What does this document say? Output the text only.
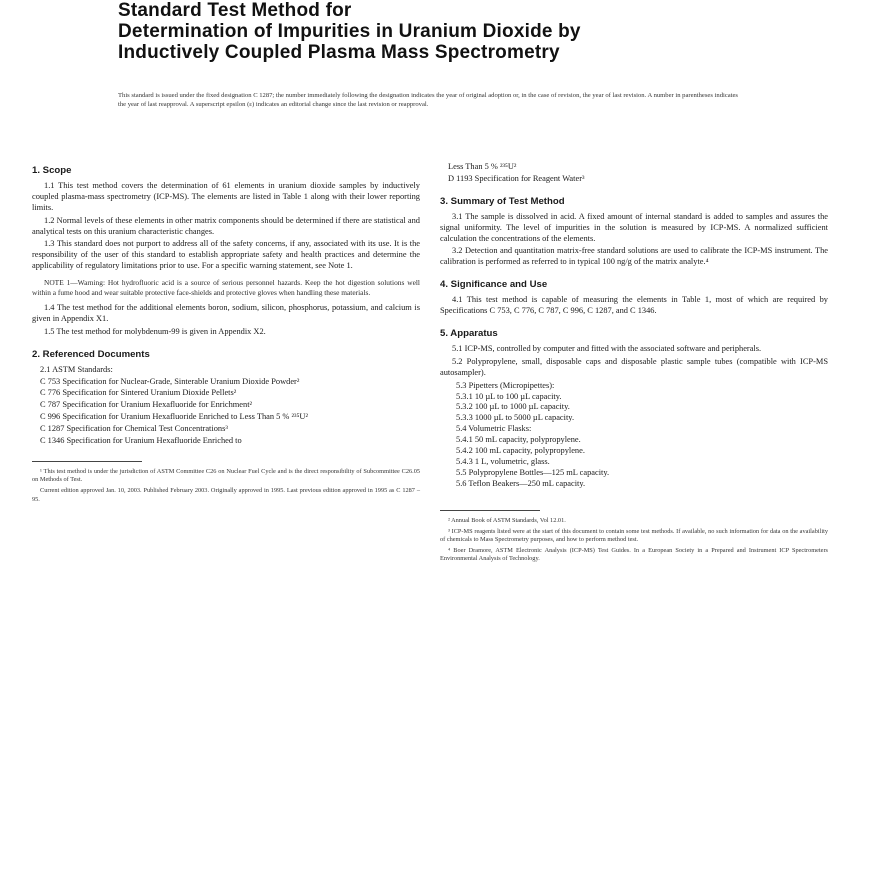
Standard Test Method for
Determination of Impurities in Uranium Dioxide by
Inductively Coupled Plasma Mass Spectrometry
This standard is issued under the fixed designation C 1287; the number immediately following the designation indicates the year of original adoption or, in the case of revision, the year of last revision. A number in parentheses indicates the year of last reapproval. A superscript epsilon (ε) indicates an editorial change since the last revision or reapproval.
1. Scope

1.1 This test method covers the determination of 61 elements in uranium dioxide samples by inductively coupled plasma-mass spectrometry (ICP-MS). The elements are listed in Table 1 along with their lower reporting limits.

1.2 Normal levels of these elements in other matrix components should be determined if there are statistical and analytical tests on this uranium characteristic changes.

1.3 This standard does not purport to address all of the safety concerns, if any, associated with its use. It is the responsibility of the user of this standard to establish appropriate safety and health practices and determine the applicability of regulatory limitations prior to use. For a specific warning statement, see Note 1.

NOTE 1—Warning: Hot hydrofluoric acid is a source of serious personnel hazards. Keep the hot digestion solutions well within a fume hood and wear suitable protective face-shields and protective gloves when handling these materials.

1.4 The test method for the additional elements boron, sodium, silicon, phosphorus, potassium, and calcium is given in Appendix X1.

1.5 The test method for molybdenum-99 is given in Appendix X2.

2. Referenced Documents

2.1 ASTM Standards:

C 753 Specification for Nuclear-Grade, Sinterable Uranium Dioxide Powder²

C 776 Specification for Sintered Uranium Dioxide Pellets²

C 787 Specification for Uranium Hexafluoride for Enrichment²

C 996 Specification for Uranium Hexafluoride Enriched to Less Than 5 % ²³⁵U²

C 1287 Specification for Chemical Test Concentrations³

C 1346 Specification for Uranium Hexafluoride Enriched to

¹ This test method is under the jurisdiction of ASTM Committee C26 on Nuclear Fuel Cycle and is the direct responsibility of Subcommittee C26.05 on Methods of Test.

Current edition approved Jan. 10, 2003. Published February 2003. Originally approved in 1995. Last previous edition approved in 1995 as C 1287 – 95.

Less Than 5 % ²³⁵U²

D 1193 Specification for Reagent Water³

3. Summary of Test Method

3.1 The sample is dissolved in acid. A fixed amount of internal standard is added to samples and assures the signal uniformity. The level of impurities in the solution is measured by ICP-MS. A normalized sufficient calculation the concentrations of the elements.

3.2 Detection and quantitation matrix-free standard solutions are used to calibrate the ICP-MS instrument. The calibration is performed as referred to in typical 100 ng/g of the matrix analyte.⁴

4. Significance and Use

4.1 This test method is capable of measuring the elements in Table 1, most of which are required by Specifications C 753, C 776, C 787, C 996, C 1287, and C 1346.

5. Apparatus

5.1 ICP-MS, controlled by computer and fitted with the associated software and peripherals.

5.2 Polypropylene, small, disposable caps and disposable plastic sample tubes (compatible with ICP-MS autosampler).

5.3 Pipetters (Micropipettes):

5.3.1 10 µL to 100 µL capacity.

5.3.2 100 µL to 1000 µL capacity.

5.3.3 1000 µL to 5000 µL capacity.

5.4 Volumetric Flasks:

5.4.1 50 mL capacity, polypropylene.

5.4.2 100 mL capacity, polypropylene.

5.4.3 1 L, volumetric, glass.

5.5 Polypropylene Bottles—125 mL capacity.

5.6 Teflon Beakers—250 mL capacity.

² Annual Book of ASTM Standards, Vol 12.01.

³ ICP-MS reagents listed were at the start of this document to contain some test methods. If available, no such information for data on the availability of chemicals to Mass Spectrometry purposes, and how to perform method test.

⁴ Boer Dramore, ASTM Electronic Analysis (ICP-MS) Test Guides. In a European Society in a Prepared and Instrument ICP Spectrometers Environmental Analysis of Technology.
